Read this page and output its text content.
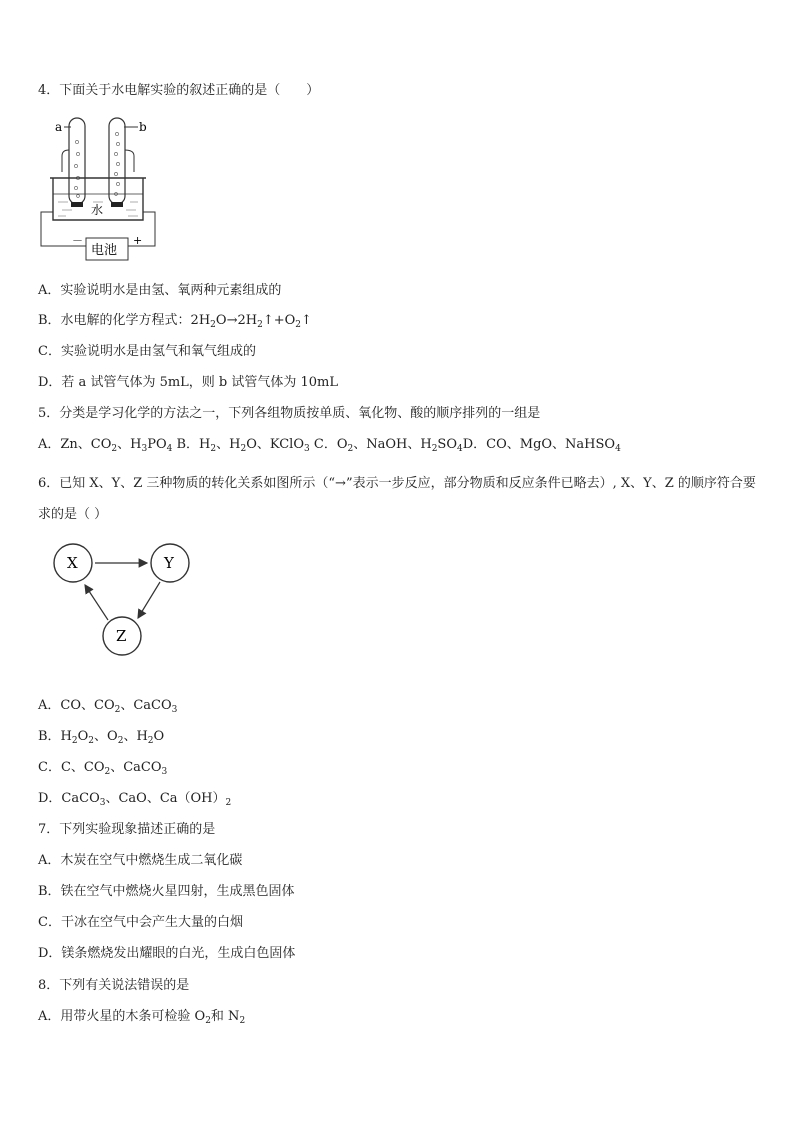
4．下面关于水电解实验的叙述正确的是（　　）
a	b
水
电池
－	+
A．实验说明水是由氢、氧两种元素组成的
B．水电解的化学方程式：$2H_2O\to 2H_2↑+O_2↑$
C．实验说明水是由氢气和氧气组成的
D．若 a 试管气体为 5mL，则 b 试管气体为 10mL
5．分类是学习化学的方法之一，下列各组物质按单质、氧化物、酸的顺序排列的一组是
A．Zn、$CO_2$、$H_3PO_4$ B．$H_2$、$H_2O$、KClO$_3$ C．$O_2$、NaOH、$H_2SO_4D$．CO、MgO、NaHSO$_4$
6．已知 X、Y、Z 三种物质的转化关系如图所示（“→”表示一步反应，部分物质和反应条件已略去）, X、Y、Z 的顺序符合要求的是（ ）
X	Y
Z
A．CO、$CO_2$、CaCO$_3$
B．$H_2O_2$、$O_2$、$H_2O$
C．C、$CO_2$、CaCO$_3$
D．CaCO$_3$、CaO、$Ca(OH)_2$
7．下列实验现象描述正确的是
A．木炭在空气中燃烧生成二氧化碳
B．铁在空气中燃烧火星四射，生成黑色固体
C．干冰在空气中会产生大量的白烟
D．镁条燃烧发出耀眼的白光，生成白色固体
8．下列有关说法错误的是
A．用带火星的木条可检验 $O_2$和 $N_2$
